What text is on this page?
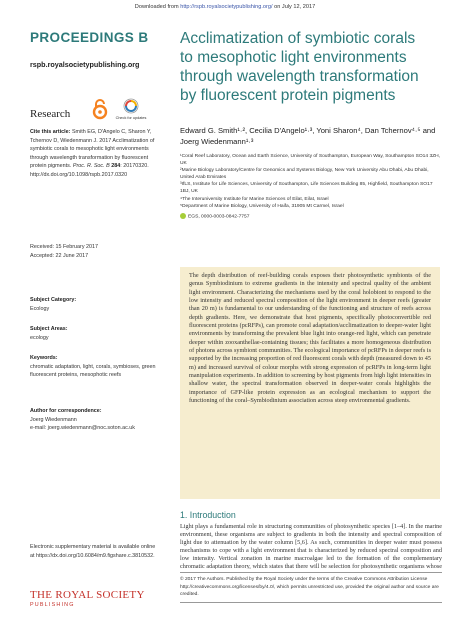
Downloaded from http://rspb.royalsocietypublishing.org/ on July 12, 2017
PROCEEDINGS B
rspb.royalsocietypublishing.org
Research	Check for updates
Cite this article: Smith EG, D'Angelo C, Sharon Y, Tchernov D, Wiedenmann J. 2017 Acclimatization of symbiotic corals to mesophotic light environments through wavelength transformation by fluorescent protein pigments. Proc. R. Soc. B 284: 20170320. http://dx.doi.org/10.1098/rspb.2017.0320
Received: 15 February 2017
Accepted: 22 June 2017
Subject Category:
Ecology
Subject Areas:
ecology
Keywords:
chromatic adaptation, light, corals, symbioses, green fluorescent proteins, mesophotic reefs
Author for correspondence:
Joerg Wiedenmann
e-mail: joerg.wiedenmann@noc.soton.ac.uk
Electronic supplementary material is available online at https://dx.doi.org/10.6084/m9.figshare.c.3810532.
THE ROYAL SOCIETY
PUBLISHING
Acclimatization of symbiotic corals to mesophotic light environments through wavelength transformation by fluorescent protein pigments
Edward G. Smith¹·², Cecilia D'Angelo¹·³, Yoni Sharon⁴, Dan Tchernov⁴·⁵ and Joerg Wiedenmann¹·³
¹Coral Reef Laboratory, Ocean and Earth Science, University of Southampton, European Way, Southampton SO14 3ZH, UK
²Marine Biology Laboratory/Centre for Genomics and Systems Biology, New York University Abu Dhabi, Abu Dhabi, United Arab Emirates
³IfLS, Institute for Life Sciences, University of Southampton, Life Sciences Building 85, Highfield, Southampton SO17 1BJ, UK
⁴The Interuniversity Institute for Marine Sciences of Eilat, Eilat, Israel
⁵Department of Marine Biology, University of Haifa, 31905 Mt Carmel, Israel
EGS, 0000-0003-0842-7757
The depth distribution of reef-building corals exposes their photosynthetic symbionts of the genus Symbiodinium to extreme gradients in the intensity and spectral quality of the ambient light environment. Characterizing the mechanisms used by the coral holobiont to respond to the low intensity and reduced spectral composition of the light environment in deeper reefs (greater than 20 m) is fundamental to our understanding of the functioning and structure of reefs across depth gradients. Here, we demonstrate that host pigments, specifically photoconvertible red fluorescent proteins (pcRFPs), can promote coral adaptation/acclimatization to deeper-water light environments by transforming the prevalent blue light into orange-red light, which can penetrate deeper within zooxanthellae-containing tissues; this facilitates a more homogeneous distribution of photons across symbiont communities. The ecological importance of pcRFPs in deeper reefs is supported by the increasing proportion of red fluorescent corals with depth (measured down to 45 m) and increased survival of colour morphs with strong expression of pcRFPs in long-term light manipulation experiments. In addition to screening by host pigments from high light intensities in shallow water, the spectral transformation observed in deeper-water corals highlights the importance of GFP-like protein expression as an ecological mechanism to support the functioning of the coral–Symbiodinium association across steep environmental gradients.
1. Introduction
Light plays a fundamental role in structuring communities of photosynthetic species [1–4]. In the marine environment, these organisms are subject to gradients in both the intensity and spectral composition of light due to attenuation by the water column [5,6]. As such, communities in deeper water must possess mechanisms to cope with a light environment that is characterized by reduced spectral composition and low intensity. Vertical zonation in marine macroalgae led to the formation of the complementary chromatic adaptation theory, which states that there will be selection for photosynthetic organisms whose
© 2017 The Authors. Published by the Royal Society under the terms of the Creative Commons Attribution License http://creativecommons.org/licenses/by/4.0/, which permits unrestricted use, provided the original author and source are credited.
